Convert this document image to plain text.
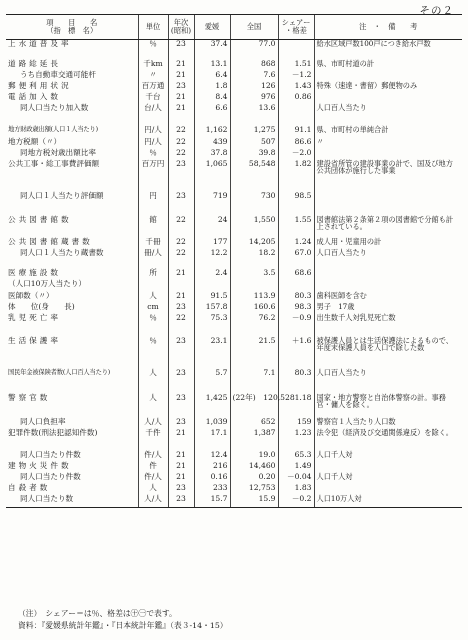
その２
項　　目　　名
（指　標　名）	単位	年次
(昭和)	愛媛	全国	シェアー
・格差	注　・　備　　考
上水道普及率	％	23	37.4	77.0		給水区域戸数100戸につき給水戸数
道路総延長	千km	21	13.1	868	1.51	県、市町村道の計
うち自動車交通可能杆	〃	21	6.4	7.6	－1.2	
郵便利用状況	百万通	23	1.8	126	1.43	特殊（速達・書留）郵便物のみ
電話加入数	千台	21	8.4	976	0.86	
同人口当たり加入数	台/人	21	6.6	13.6		人口百人当たり
地方財政歳出額(人口１人当たり)	円/人	22	1,162	1,275	91.1	県、市町村の単純合計
地方税額（〃）	円/人	22	439	507	86.6	〃
同地方税対歳出額比率	％	22	37.8	39.8	－2.0	
公共工事・総工事費評価額	百万円	23	1,065	58,548	1.82	建設省所管の建設事業の計で、国及び地方公共団体が施行した事業
同人口１人当たり評価額	円	23	719	730	98.5	
公共図書館数	館	22	24	1,550	1.55	図書館法第２条第２項の図書館で分館も計上されている。
公共図書館蔵書数	千冊	22	177	14,205	1.24	成人用・児童用の計
同人口１人当たり蔵書数	冊/人	22	12.2	18.2	67.0	人口百人当たり
医療施設数	所	21	2.4	3.5	68.6	
（人口10万人当たり）						
医師数（〃）	人	21	91.5	113.9	80.3	歯科医師を含む
体　　位(身　　長)	cm	23	157.8	160.6	98.3	男子　17歳
乳児死亡率	％	22	75.3	76.2	－0.9	出生数千人対乳児死亡数
生活保護率	％	23	23.1	21.5	＋1.6	被保護人員とは生活保護法によるもので、年度末保護人員を人口で除した数
国民年金被保険者数(人口百人当たり)	人	23	5.7	7.1	80.3	人口百人当たり
警察官数	人	23	1,425	(22年)　120,528	1.18	国家・地方警察と自治体警察の計。事務官・傭人を除く。
同人口負担率	人/人	23	1,039	652	159	警察官１人当たり人口数
犯罪件数(刑法犯認知件数)	千件	21	17.1	1,387	1.23	法令犯（経済及び交通関係違反）を除く。
同人口当たり件数	件/人	21	12.4	19.0	65.3	人口千人対
建物火災件数	件	21	216	14,460	1.49	
同人口当たり件数	件/人	21	0.16	0.20	－0.04	人口千人対
自殺者数	人	23	233	12,753	1.83	
同人口当たり数	人/人	23	15.7	15.9	－0.2	人口10万人対
（注）　シェアー＝は％、格差は㊉㊀で表す。
資料：『愛媛県統計年鑑』・『日本統計年鑑』（表３-14・15）
